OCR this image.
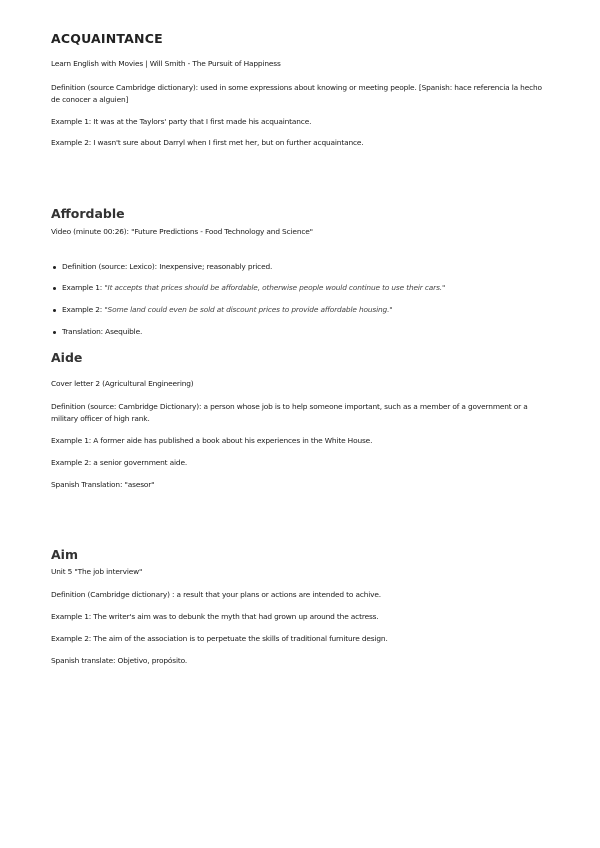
ACQUAINTANCE

Learn English with Movies | Will Smith - The Pursuit of Happiness

Definition (source Cambridge dictionary): used in some expressions about knowing or meeting people. [Spanish: hace referencia la hecho de conocer a alguien]

Example 1: It was at the Taylors' party that I first made his acquaintance.

Example 2: I wasn't sure about Darryl when I first met her, but on further acquaintance.

Affordable

Video (minute 00:26): "Future Predictions - Food Technology and Science"

Definition (source: Lexico): Inexpensive; reasonably priced.
Example 1: "It accepts that prices should be affordable, otherwise people would continue to use their cars."
Example 2: "Some land could even be sold at discount prices to provide affordable housing."
Translation: Asequible.
Aide

Cover letter 2 (Agricultural Engineering)

Definition (source: Cambridge Dictionary): a person whose job is to help someone important, such as a member of a government or a military officer of high rank.

Example 1: A former aide has published a book about his experiences in the White House.

Example 2: a senior government aide.

Spanish Translation: "asesor"

Aim

Unit 5 "The job interview"

Definition (Cambridge dictionary) : a result that your plans or actions are intended to achive.

Example 1: The writer's aim was to debunk the myth that had grown up around the actress.

Example 2: The aim of the association is to perpetuate the skills of traditional furniture design.

Spanish translate: Objetivo, propósito.
